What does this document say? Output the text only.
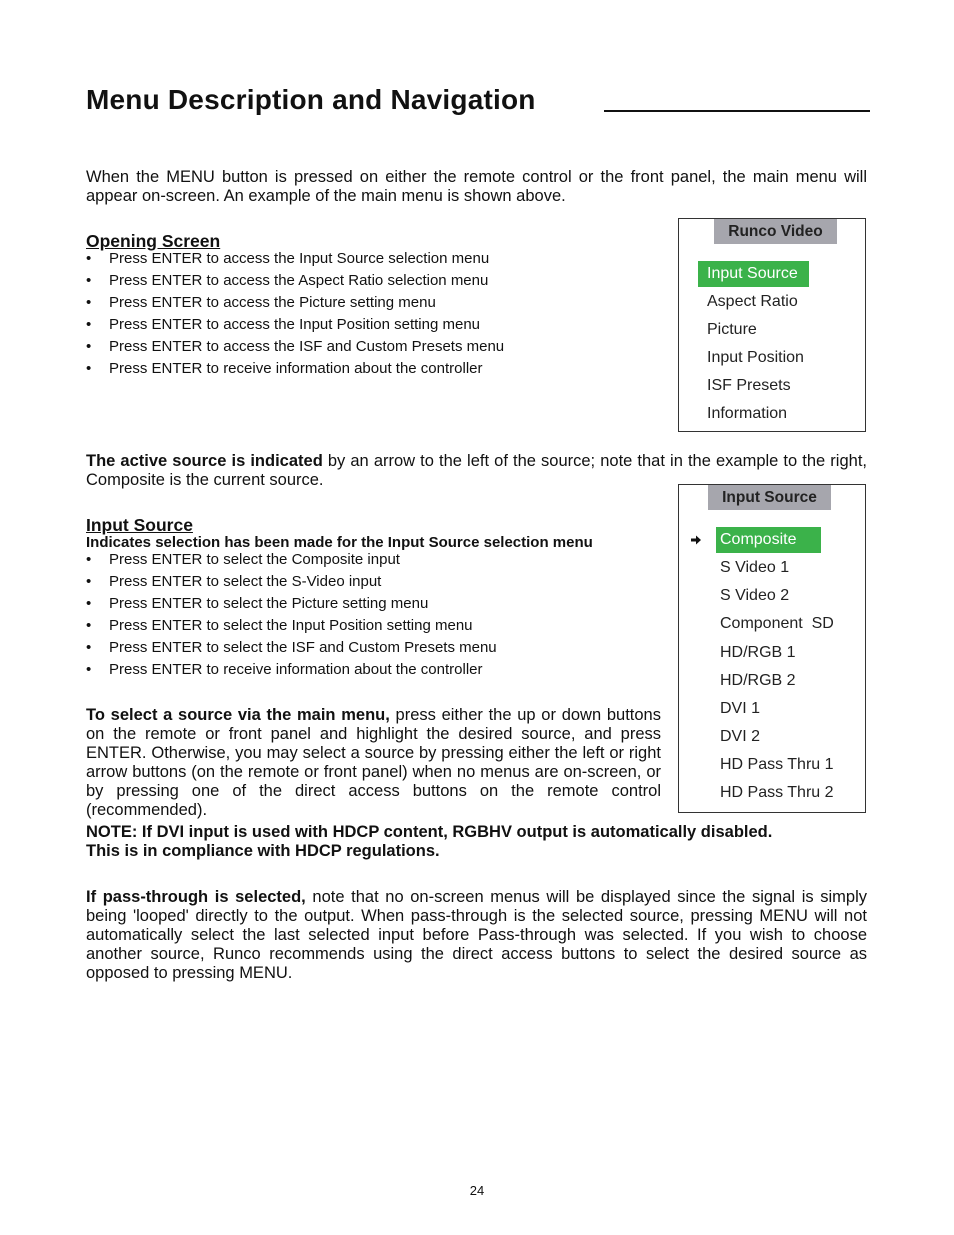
Menu Description and Navigation

When the MENU button is pressed on either the remote control or the front panel, the main menu will appear on-screen. An example of the main menu is shown above.

Opening Screen
• Press ENTER to access the Input Source selection menu
• Press ENTER to access the Aspect Ratio selection menu
• Press ENTER to access the Picture setting menu
• Press ENTER to access the Input Position setting menu
• Press ENTER to access the ISF and Custom Presets menu
• Press ENTER to receive information about the controller
Runco Video
Input Source
Aspect Ratio
Picture
Input Position
ISF Presets
Information

The active source is indicated by an arrow to the left of the source; note that in the example to the right, Composite is the current source.

Input Source
Indicates selection has been made for the Input Source selection menu
• Press ENTER to select the Composite input
• Press ENTER to select the S-Video input
• Press ENTER to select the Picture setting menu
• Press ENTER to select the Input Position setting menu
• Press ENTER to select the ISF and Custom Presets menu
• Press ENTER to receive information about the controller
Input Source
Composite
S Video 1
S Video 2
Component  SD
HD/RGB 1
HD/RGB 2
DVI 1
DVI 2
HD Pass Thru 1
HD Pass Thru 2

To select a source via the main menu, press either the up or down buttons on the remote or front panel and highlight the desired source, and press ENTER. Otherwise, you may select a source by pressing either the left or right arrow buttons (on the remote or front panel) when no menus are on-screen, or by pressing one of the direct access buttons on the remote control (recommended).

NOTE: If DVI input is used with HDCP content, RGBHV output is automatically disabled.
This is in compliance with HDCP regulations.

If pass-through is selected, note that no on-screen menus will be displayed since the signal is simply being 'looped' directly to the output. When pass-through is the selected source, pressing MENU will not automatically select the last selected input before Pass-through was selected. If you wish to choose another source, Runco recommends using the direct access buttons to select the desired source as opposed to pressing MENU.

24
